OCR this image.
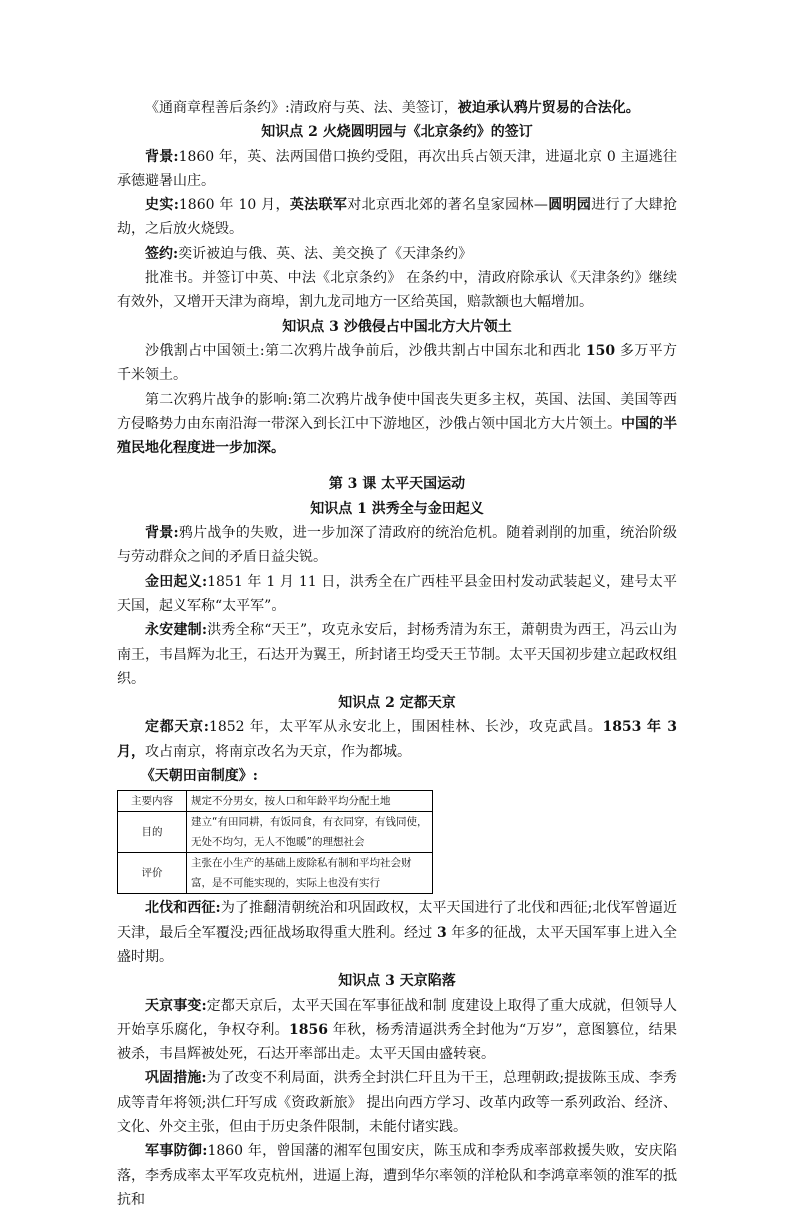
《通商章程善后条约》:清政府与英、法、美签订，被迫承认鸦片贸易的合法化。

知识点 2 火烧圆明园与《北京条约》的签订

背景:1860 年，英、法两国借口换约受阻，再次出兵占领天津，进逼北京 0 主逼逃往承德避暑山庄。

史实:1860 年 10 月，英法联军对北京西北郊的著名皇家园林—圆明园进行了大肆抢劫，之后放火烧毁。

签约:奕䜣被迫与俄、英、法、美交换了《天津条约》

批准书。并签订中英、中法《北京条约》 在条约中，清政府除承认《天津条约》继续有效外，又增开天津为商埠，割九龙司地方一区给英国，赔款额也大幅增加。

知识点 3 沙俄侵占中国北方大片领土

沙俄割占中国领土:第二次鸦片战争前后，沙俄共割占中国东北和西北 150 多万平方千米领土。

第二次鸦片战争的影响:第二次鸦片战争使中国丧失更多主权，英国、法国、美国等西方侵略势力由东南沿海一带深入到长江中下游地区，沙俄占领中国北方大片领土。中国的半殖民地化程度进一步加深。

第 3 课 太平天国运动

知识点 1 洪秀全与金田起义

背景:鸦片战争的失败，进一步加深了清政府的统治危机。随着剥削的加重，统治阶级与劳动群众之间的矛盾日益尖锐。

金田起义:1851 年 1 月 11 日，洪秀全在广西桂平县金田村发动武装起义，建号太平天国，起义军称“太平军”。

永安建制:洪秀全称“天王”，攻克永安后，封杨秀清为东王，萧朝贵为西王，冯云山为南王，韦昌辉为北王，石达开为翼王，所封诸王均受天王节制。太平天国初步建立起政权组织。

知识点 2 定都天京

定都天京:1852 年，太平军从永安北上，围困桂林、长沙，攻克武昌。1853 年 3 月，攻占南京，将南京改名为天京，作为都城。

《天朝田亩制度》:

主要内容	规定不分男女，按人口和年龄平均分配土地
目的	建立“有田同耕，有饭同食，有衣同穿，有钱同使，无处不均匀，无人不饱暖”的理想社会
评价	主张在小生产的基础上废除私有制和平均社会财富，是不可能实现的，实际上也没有实行

北伐和西征:为了推翻清朝统治和巩固政权，太平天国进行了北伐和西征;北伐军曾逼近天津，最后全军覆没;西征战场取得重大胜利。经过 3 年多的征战，太平天国军事上进入全盛时期。

知识点 3 天京陷落

天京事变:定都天京后，太平天国在军事征战和制 度建设上取得了重大成就，但领导人开始享乐腐化，争权夺利。1856 年秋，杨秀清逼洪秀全封他为“万岁”，意图篡位，结果被杀，韦昌辉被处死，石达开率部出走。太平天国由盛转衰。

巩固措施:为了改变不利局面，洪秀全封洪仁玕且为干王，总理朝政;提拔陈玉成、李秀成等青年将领;洪仁玕写成《资政新旅》 提出向西方学习、改革内政等一系列政治、经济、文化、外交主张，但由于历史条件限制，未能付诸实践。

军事防御:1860 年，曾国藩的湘军包围安庆，陈玉成和李秀成率部救援失败，安庆陷落，李秀成率太平军攻克杭州，进逼上海，遭到华尔率领的洋枪队和李鸿章率领的淮军的抵抗和
